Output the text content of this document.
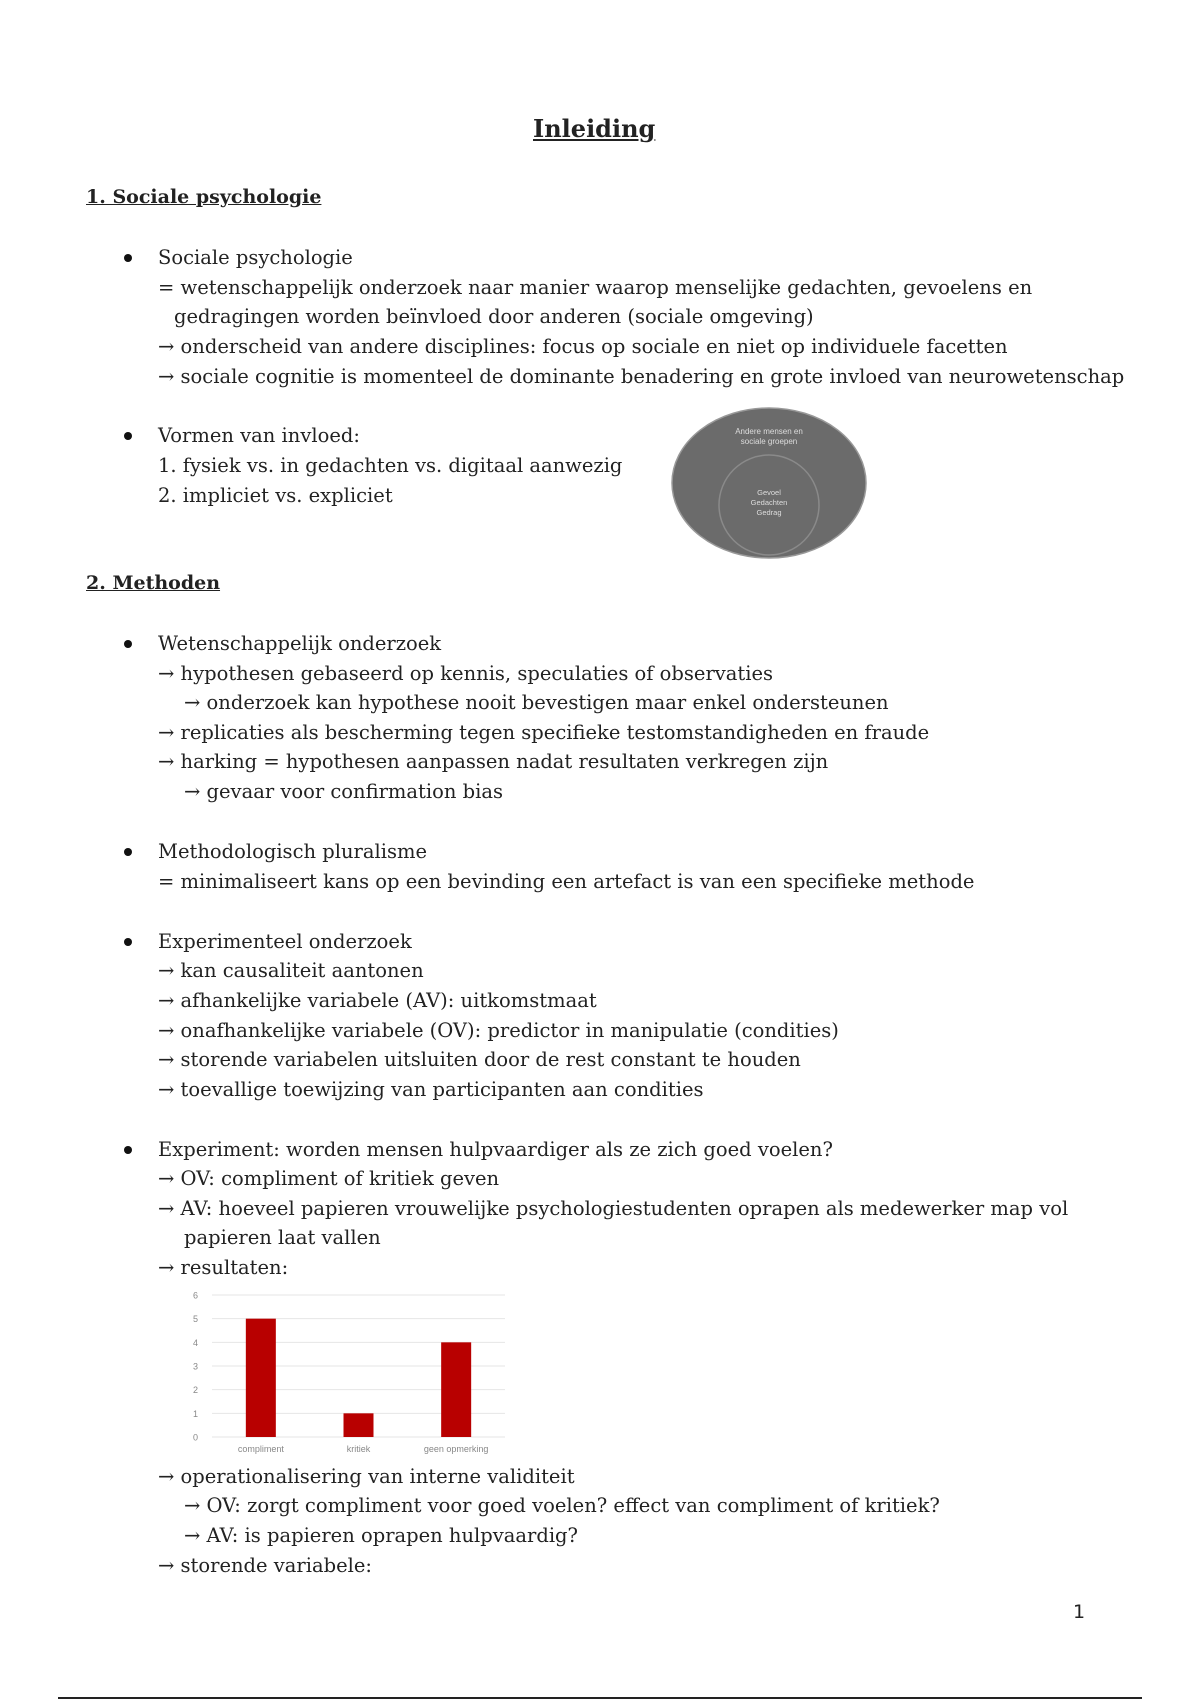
Inleiding
1. Sociale psychologie
Sociale psychologie
= wetenschappelijk onderzoek naar manier waarop menselijke gedachten, gevoelens en
gedragingen worden beïnvloed door anderen (sociale omgeving)
→ onderscheid van andere disciplines: focus op sociale en niet op individuele facetten
→ sociale cognitie is momenteel de dominante benadering en grote invloed van neurowetenschap
Vormen van invloed:
1. fysiek vs. in gedachten vs. digitaal aanwezig
2. impliciet vs. expliciet
Andere mensen en
sociale groepen
Gevoel
Gedachten
Gedrag
2. Methoden
Wetenschappelijk onderzoek
→ hypothesen gebaseerd op kennis, speculaties of observaties
→ onderzoek kan hypothese nooit bevestigen maar enkel ondersteunen
→ replicaties als bescherming tegen specifieke testomstandigheden en fraude
→ harking = hypothesen aanpassen nadat resultaten verkregen zijn
→ gevaar voor confirmation bias
Methodologisch pluralisme
= minimaliseert kans op een bevinding een artefact is van een specifieke methode
Experimenteel onderzoek
→ kan causaliteit aantonen
→ afhankelijke variabele (AV): uitkomstmaat
→ onafhankelijke variabele (OV): predictor in manipulatie (condities)
→ storende variabelen uitsluiten door de rest constant te houden
→ toevallige toewijzing van participanten aan condities
Experiment: worden mensen hulpvaardiger als ze zich goed voelen?
→ OV: compliment of kritiek geven
→ AV: hoeveel papieren vrouwelijke psychologiestudenten oprapen als medewerker map vol
papieren laat vallen
→ resultaten:
0
1
2
3
4
5
6
compliment	kritiek	geen opmerking
→ operationalisering van interne validiteit
→ OV: zorgt compliment voor goed voelen? effect van compliment of kritiek?
→ AV: is papieren oprapen hulpvaardig?
→ storende variabele:
1
